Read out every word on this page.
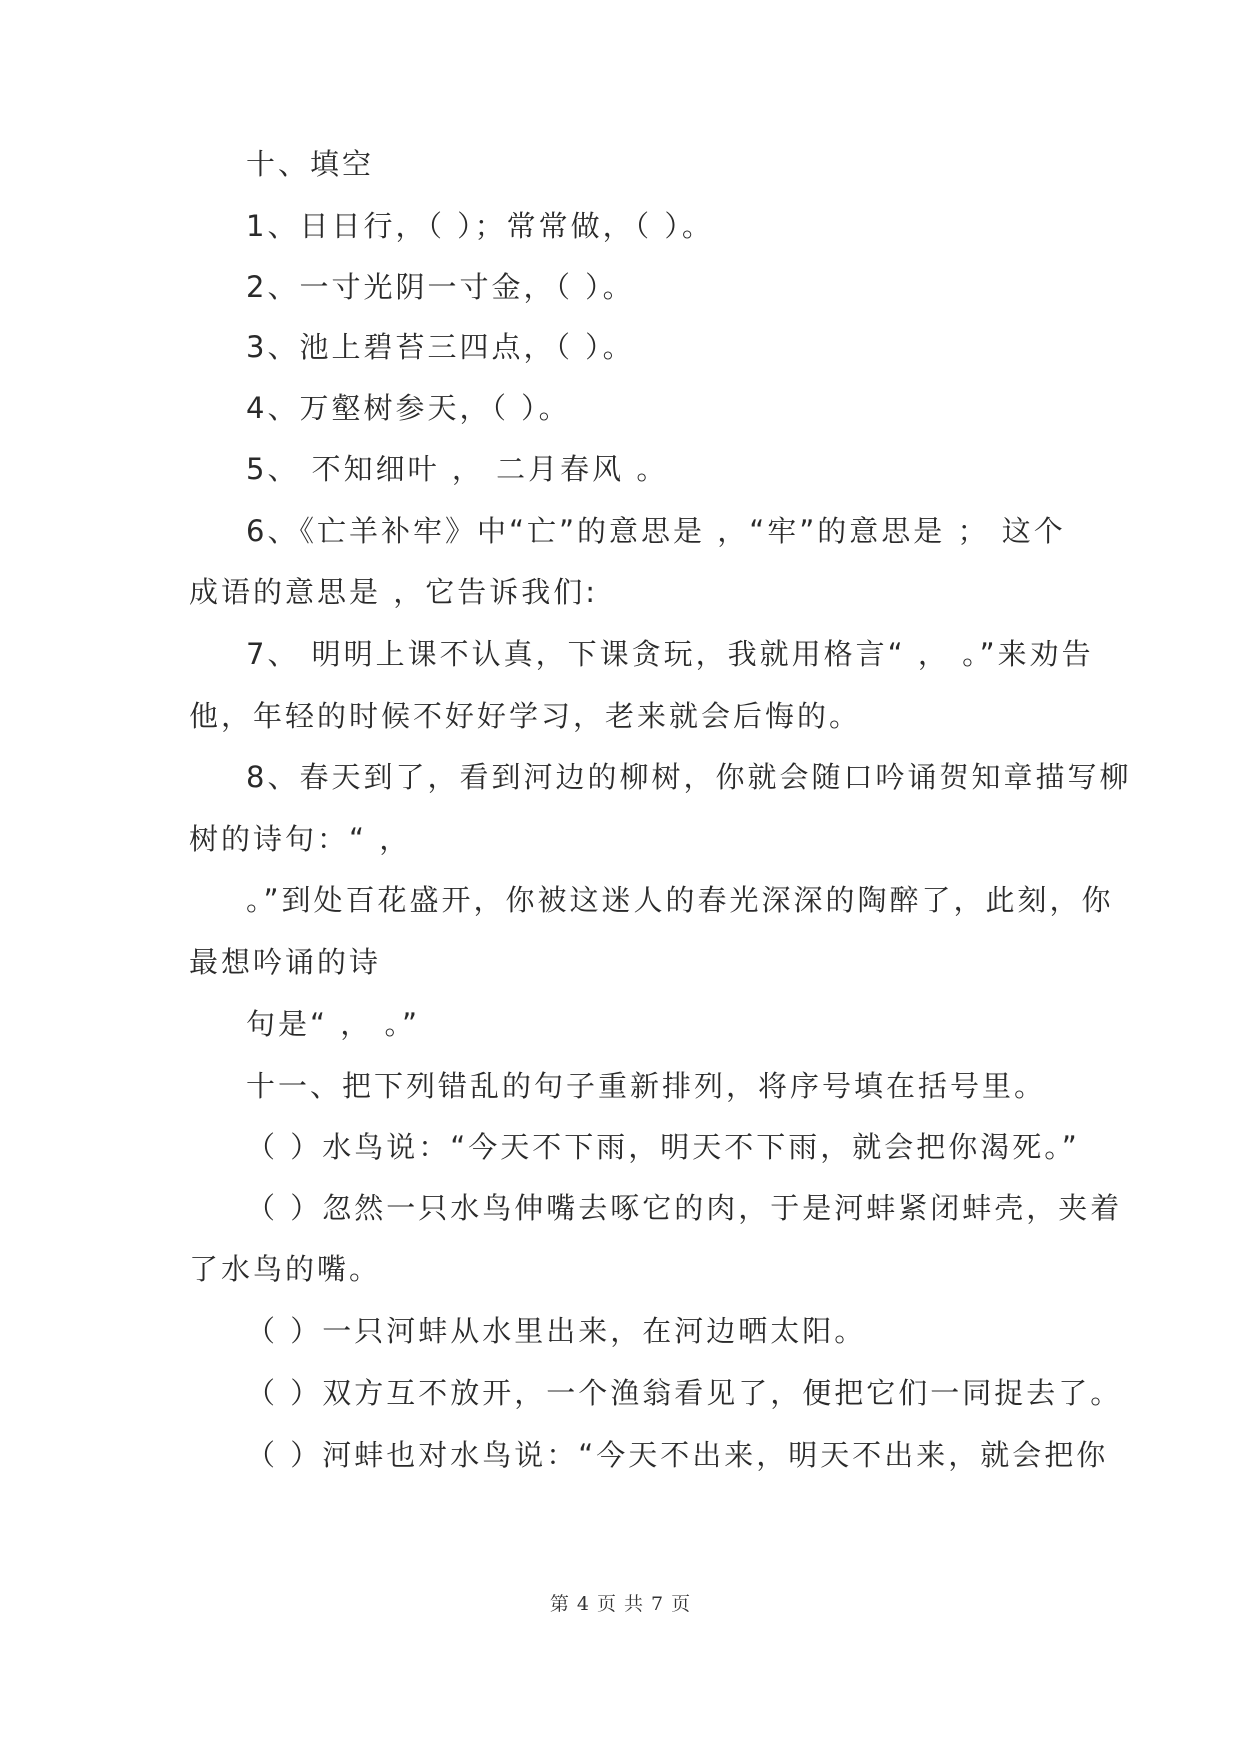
十、填空
1、日日行，（ ）；常常做，（ ）。
2、一寸光阴一寸金，（ ）。
3、池上碧苔三四点，（ ）。
4、万壑树参天，（ ）。
5、 不知细叶 ， 二月春风 。
6、《亡羊补牢》中“亡”的意思是 ，“牢”的意思是 ； 这个
成语的意思是 ，它告诉我们:
7、 明明上课不认真，下课贪玩，我就用格言“ ， 。”来劝告
他，年轻的时候不好好学习，老来就会后悔的。
8、春天到了，看到河边的柳树，你就会随口吟诵贺知章描写柳
树的诗句：“ ，
。”到处百花盛开，你被这迷人的春光深深的陶醉了，此刻，你
最想吟诵的诗
句是“ ， 。”
十一、把下列错乱的句子重新排列，将序号填在括号里。
（ ）水鸟说：“今天不下雨，明天不下雨，就会把你渴死。”
（ ）忽然一只水鸟伸嘴去啄它的肉，于是河蚌紧闭蚌壳，夹着
了水鸟的嘴。
（ ）一只河蚌从水里出来，在河边晒太阳。
（ ）双方互不放开，一个渔翁看见了，便把它们一同捉去了。
（ ）河蚌也对水鸟说：“今天不出来，明天不出来，就会把你
第 4 页 共 7 页
